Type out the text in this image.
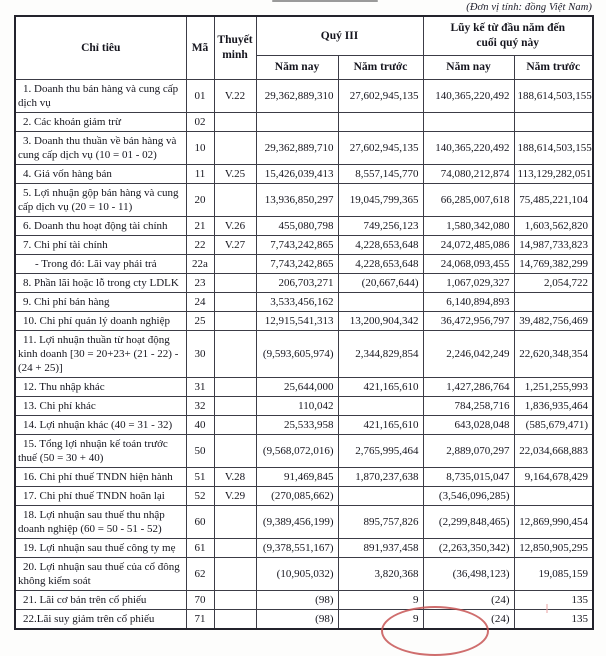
(Đơn vị tính: đồng Việt Nam)
Chỉ tiêu	Mã	Thuyết minh	Quý III		Lũy kế từ đầu năm đến cuối quý này	
			Năm nay	Năm trước	Năm nay	Năm trước
1. Doanh thu bán hàng và cung cấp dịch vụ	01	V.22	29,362,889,310	27,602,945,135	140,365,220,492	188,614,503,155
2. Các khoản giảm trừ	02					
3. Doanh thu thuần về bán hàng và cung cấp dịch vụ (10 = 01 - 02)	10		29,362,889,710	27,602,945,135	140,365,220,492	188,614,503,155
4. Giá vốn hàng bán	11	V.25	15,426,039,413	8,557,145,770	74,080,212,874	113,129,282,051
5. Lợi nhuận gộp bán hàng và cung cấp dịch vụ (20 = 10 - 11)	20		13,936,850,297	19,045,799,365	66,285,007,618	75,485,221,104
6. Doanh thu hoạt động tài chính	21	V.26	455,080,798	749,256,123	1,580,342,080	1,603,562,820
7. Chi phí tài chính	22	V.27	7,743,242,865	4,228,653,648	24,072,485,086	14,987,733,823
- Trong đó: Lãi vay phải trả	22a		7,743,242,865	4,228,653,648	24,068,093,455	14,769,382,299
8. Phần lãi hoặc lỗ trong cty LDLK	23		206,703,271	(20,667,644)	1,067,029,327	2,054,722
9. Chi phí bán hàng	24		3,533,456,162		6,140,894,893	
10. Chi phí quản lý doanh nghiệp	25		12,915,541,313	13,200,904,342	36,472,956,797	39,482,756,469
11. Lợi nhuận thuần từ hoạt động kinh doanh [30 = 20+23+ (21 - 22) - (24 + 25)]	30		(9,593,605,974)	2,344,829,854	2,246,042,249	22,620,348,354
12. Thu nhập khác	31		25,644,000	421,165,610	1,427,286,764	1,251,255,993
13. Chi phí khác	32		110,042		784,258,716	1,836,935,464
14. Lợi nhuận khác (40 = 31 - 32)	40		25,533,958	421,165,610	643,028,048	(585,679,471)
15. Tổng lợi nhuận kế toán trước thuế (50 = 30 + 40)	50		(9,568,072,016)	2,765,995,464	2,889,070,297	22,034,668,883
16. Chi phí thuế TNDN hiện hành	51	V.28	91,469,845	1,870,237,638	8,735,015,047	9,164,678,429
17. Chi phí thuế TNDN hoãn lại	52	V.29	(270,085,662)		(3,546,096,285)	
18. Lợi nhuận sau thuế thu nhập doanh nghiệp (60 = 50 - 51 - 52)	60		(9,389,456,199)	895,757,826	(2,299,848,465)	12,869,990,454
19. Lợi nhuận sau thuế công ty mẹ	61		(9,378,551,167)	891,937,458	(2,263,350,342)	12,850,905,295
20. Lợi nhuận sau thuế của cổ đông không kiểm soát	62		(10,905,032)	3,820,368	(36,498,123)	19,085,159
21. Lãi cơ bản trên cổ phiếu	70		(98)	9	(24)	135
22.Lãi suy giảm trên cổ phiếu	71		(98)	9	(24)	135
